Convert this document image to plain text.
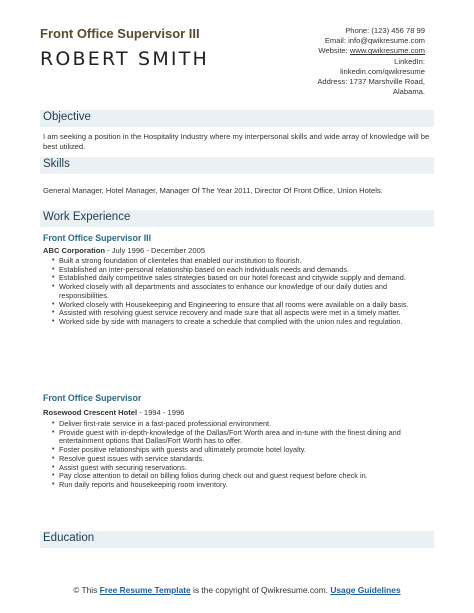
Front Office Supervisor III
ROBERT SMITH
Phone: (123) 456 78 99
Email: info@qwikresume.com
Website: www.qwikresume.com
LinkedIn:
linkedin.com/qwikresume
Address: 1737 Marshville Road,
Alabama.
Objective
I am seeking a position in the Hospitality Industry where my interpersonal skills and wide array of knowledge will be best utilized.
Skills
General Manager, Hotel Manager, Manager Of The Year 2011, Director Of Front Office, Union Hotels.
Work Experience
Front Office Supervisor III
ABC Corporation - July 1996 - December 2005
• Built a strong foundation of clienteles that enabled our institution to flourish.
• Established an inter-personal relationship based on each individuals needs and demands.
• Established daily competitive sales strategies based on our hotel forecast and citywide supply and demand.
• Worked closely with all departments and associates to enhance our knowledge of our daily duties and responsibilities.
• Worked closely with Housekeeping and Engineering to ensure that all rooms were available on a daily basis.
• Assisted with resolving guest service recovery and made sure that all aspects were met in a timely matter.
• Worked side by side with managers to create a schedule that complied with the union rules and regulation.
Front Office Supervisor
Rosewood Crescent Hotel - 1994 - 1996
• Deliver first-rate service in a fast-paced professional environment.
• Provide guest with in-depth-knowledge of the Dallas/Fort Worth area and in-tune with the finest dining and entertainment options that Dallas/Fort Worth has to offer.
• Foster positive relationships with guests and ultimately promote hotel loyalty.
• Resolve guest issues with service standards.
• Assist guest with securing reservations.
• Pay close attention to detail on billing folios during check out and guest request before check in.
• Run daily reports and housekeeping room inventory.
Education
© This Free Resume Template is the copyright of Qwikresume.com. Usage Guidelines
